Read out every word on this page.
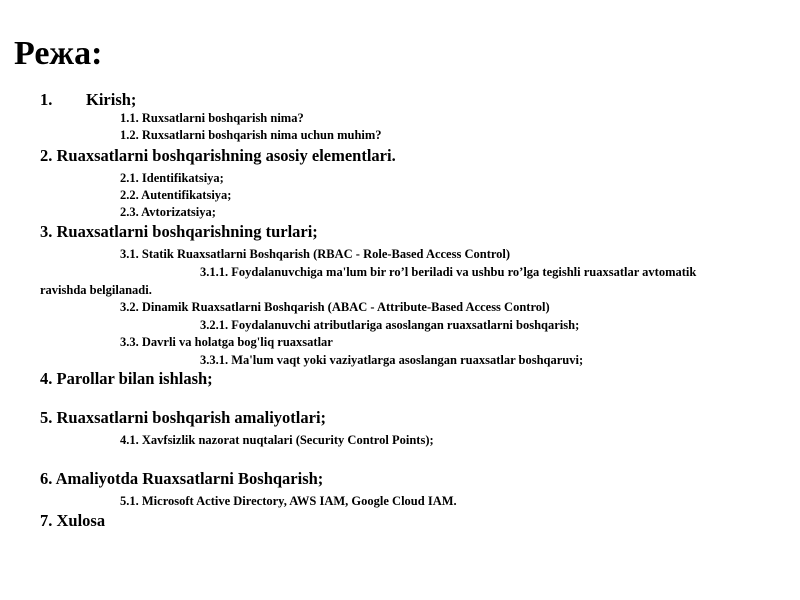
Режа:
1. Kirish;
1.1. Ruxsatlarni boshqarish nima?
1.2. Ruxsatlarni boshqarish nima uchun muhim?
2. Ruaxsatlarni boshqarishning asosiy elementlari.
2.1. Identifikatsiya;
2.2. Autentifikatsiya;
2.3. Avtorizatsiya;
3. Ruaxsatlarni boshqarishning turlari;
3.1. Statik Ruaxsatlarni Boshqarish (RBAC - Role-Based Access Control)
3.1.1. Foydalanuvchiga ma'lum bir ro’l beriladi va ushbu ro’lga tegishli ruaxsatlar avtomatik
ravishda belgilanadi.
3.2. Dinamik Ruaxsatlarni Boshqarish (ABAC - Attribute-Based Access Control)
3.2.1. Foydalanuvchi atributlariga asoslangan ruaxsatlarni boshqarish;
3.3. Davrli va holatga bog'liq ruaxsatlar
3.3.1. Ma'lum vaqt yoki vaziyatlarga asoslangan ruaxsatlar boshqaruvi;
4. Parollar bilan ishlash;
5. Ruaxsatlarni boshqarish amaliyotlari;
4.1. Xavfsizlik nazorat nuqtalari (Security Control Points);
6. Amaliyotda Ruaxsatlarni Boshqarish;
5.1. Microsoft Active Directory, AWS IAM, Google Cloud IAM.
7. Xulosa
